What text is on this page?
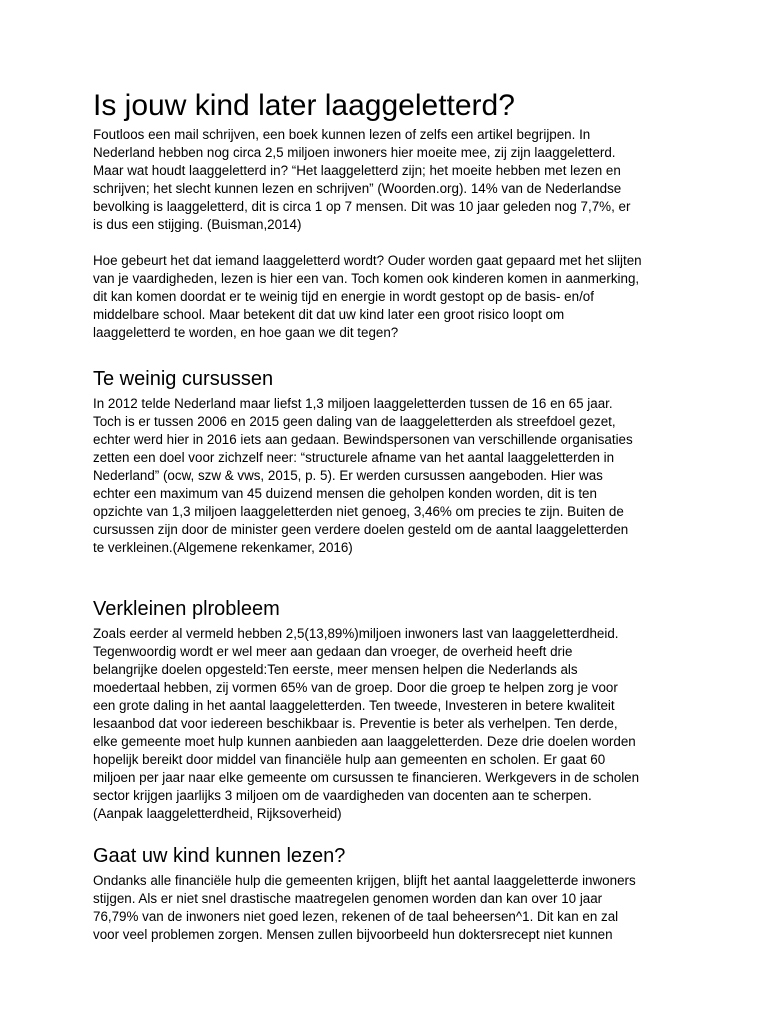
Is jouw kind later laaggeletterd?

Foutloos een mail schrijven, een boek kunnen lezen of zelfs een artikel begrijpen. In
Nederland hebben nog circa 2,5 miljoen inwoners hier moeite mee, zij zijn laaggeletterd.
Maar wat houdt laaggeletterd in? “Het laaggeletterd zijn; het moeite hebben met lezen en
schrijven; het slecht kunnen lezen en schrijven” (Woorden.org). 14% van de Nederlandse
bevolking is laaggeletterd, dit is circa 1 op 7 mensen. Dit was 10 jaar geleden nog 7,7%, er
is dus een stijging. (Buisman,2014)

Hoe gebeurt het dat iemand laaggeletterd wordt? Ouder worden gaat gepaard met het slijten
van je vaardigheden, lezen is hier een van. Toch komen ook kinderen komen in aanmerking,
dit kan komen doordat er te weinig tijd en energie in wordt gestopt op de basis- en/of
middelbare school. Maar betekent dit dat uw kind later een groot risico loopt om
laaggeletterd te worden, en hoe gaan we dit tegen?

Te weinig cursussen

In 2012 telde Nederland maar liefst 1,3 miljoen laaggeletterden tussen de 16 en 65 jaar.
Toch is er tussen 2006 en 2015 geen daling van de laaggeletterden als streefdoel gezet,
echter werd hier in 2016 iets aan gedaan. Bewindspersonen van verschillende organisaties
zetten een doel voor zichzelf neer: “structurele afname van het aantal laaggeletterden in
Nederland” (ocw, szw & vws, 2015, p. 5). Er werden cursussen aangeboden. Hier was
echter een maximum van 45 duizend mensen die geholpen konden worden, dit is ten
opzichte van 1,3 miljoen laaggeletterden niet genoeg, 3,46% om precies te zijn. Buiten de
cursussen zijn door de minister geen verdere doelen gesteld om de aantal laaggeletterden
te verkleinen.(Algemene rekenkamer, 2016)

Verkleinen plrobleem

Zoals eerder al vermeld hebben 2,5(13,89%)miljoen inwoners last van laaggeletterdheid.
Tegenwoordig wordt er wel meer aan gedaan dan vroeger, de overheid heeft drie
belangrijke doelen opgesteld:Ten eerste, meer mensen helpen die Nederlands als
moedertaal hebben, zij vormen 65% van de groep. Door die groep te helpen zorg je voor
een grote daling in het aantal laaggeletterden. Ten tweede, Investeren in betere kwaliteit
lesaanbod dat voor iedereen beschikbaar is. Preventie is beter als verhelpen. Ten derde,
elke gemeente moet hulp kunnen aanbieden aan laaggeletterden. Deze drie doelen worden
hopelijk bereikt door middel van financiële hulp aan gemeenten en scholen. Er gaat 60
miljoen per jaar naar elke gemeente om cursussen te financieren. Werkgevers in de scholen
sector krijgen jaarlijks 3 miljoen om de vaardigheden van docenten aan te scherpen.
(Aanpak laaggeletterdheid, Rijksoverheid)

Gaat uw kind kunnen lezen?

Ondanks alle financiële hulp die gemeenten krijgen, blijft het aantal laaggeletterde inwoners
stijgen. Als er niet snel drastische maatregelen genomen worden dan kan over 10 jaar
76,79% van de inwoners niet goed lezen, rekenen of de taal beheersen^1. Dit kan en zal
voor veel problemen zorgen. Mensen zullen bijvoorbeeld hun doktersrecept niet kunnen
